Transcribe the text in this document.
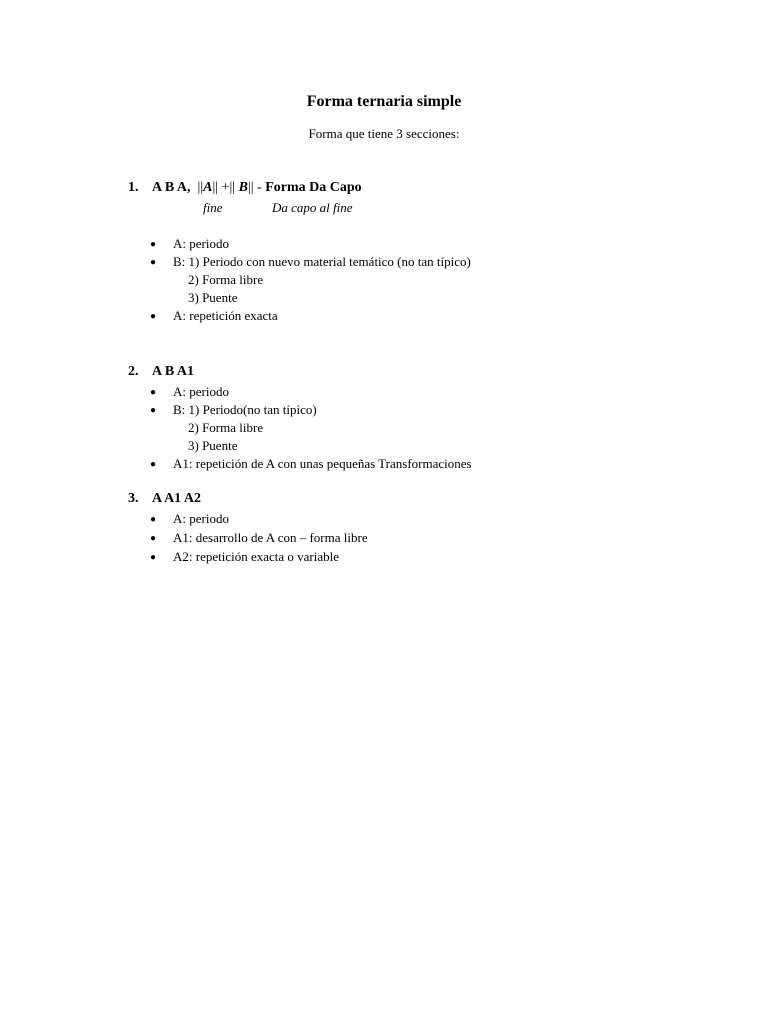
Forma ternaria simple
Forma que tiene 3 secciones:
1. A B A, ||A|| +|| B|| - Forma Da Capo
fine	Da capo al fine
● A: periodo
● B: 1) Periodo con nuevo material temático (no tan típico)
2) Forma libre
3) Puente
● A: repetición exacta
2. A B A1
● A: periodo
● B: 1) Periodo(no tan típico)
2) Forma libre
3) Puente
● A1: repetición de A con unas pequeñas Transformaciones
3. A A1 A2
● A: periodo
● A1: desarrollo de A con – forma libre
● A2: repetición exacta o variable
